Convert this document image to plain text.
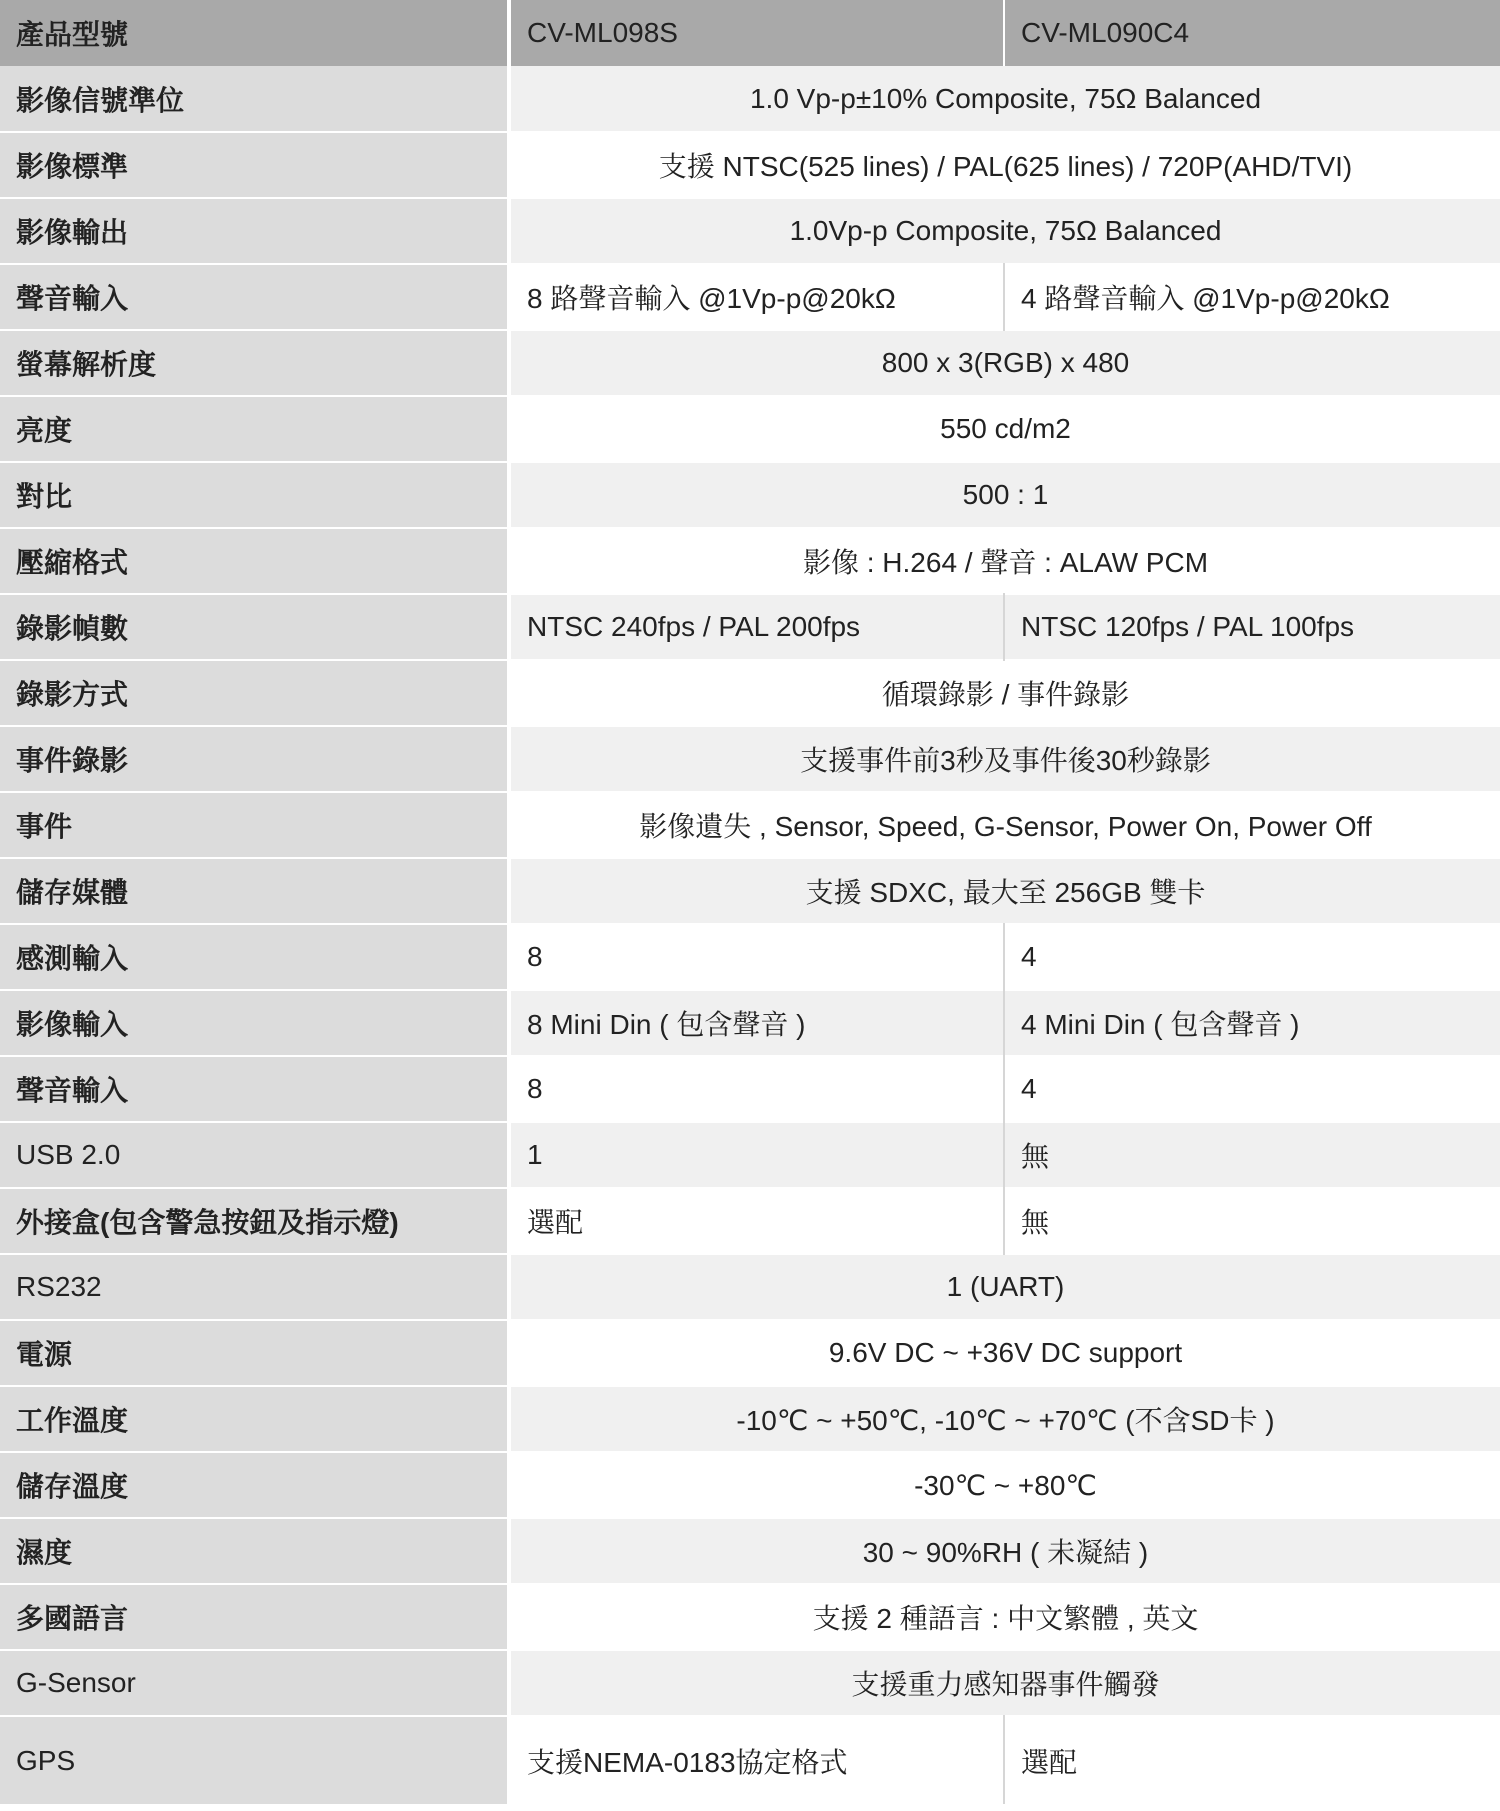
產品型號	CV-ML098S	CV-ML090C4
影像信號準位	1.0 Vp-p±10% Composite, 75Ω Balanced	
影像標準	支援 NTSC(525 lines) / PAL(625 lines) / 720P(AHD/TVI)	
影像輸出	1.0Vp-p Composite, 75Ω Balanced	
聲音輸入	8 路聲音輸入 @1Vp-p@20kΩ	4 路聲音輸入 @1Vp-p@20kΩ
螢幕解析度	800 x 3(RGB) x 480	
亮度	550 cd/m2	
對比	500 : 1	
壓縮格式	影像 : H.264 / 聲音 : ALAW PCM	
錄影幀數	NTSC 240fps / PAL 200fps	NTSC 120fps / PAL 100fps
錄影方式	循環錄影 / 事件錄影	
事件錄影	支援事件前3秒及事件後30秒錄影	
事件	影像遺失 , Sensor, Speed, G-Sensor, Power On, Power Off	
儲存媒體	支援 SDXC, 最大至 256GB 雙卡	
感測輸入	8	4
影像輸入	8 Mini Din ( 包含聲音 )	4 Mini Din ( 包含聲音 )
聲音輸入	8	4
USB 2.0	1	無
外接盒(包含警急按鈕及指示燈)	選配	無
RS232	1 (UART)	
電源	9.6V DC ~ +36V DC support	
工作溫度	-10℃ ~ +50℃, -10℃ ~ +70℃ (不含SD卡 )	
儲存溫度	-30℃ ~ +80℃	
濕度	30 ~ 90%RH ( 未凝結 )	
多國語言	支援 2 種語言 : 中文繁體 , 英文	
G-Sensor	支援重力感知器事件觸發	
GPS	支援NEMA-0183協定格式	選配
